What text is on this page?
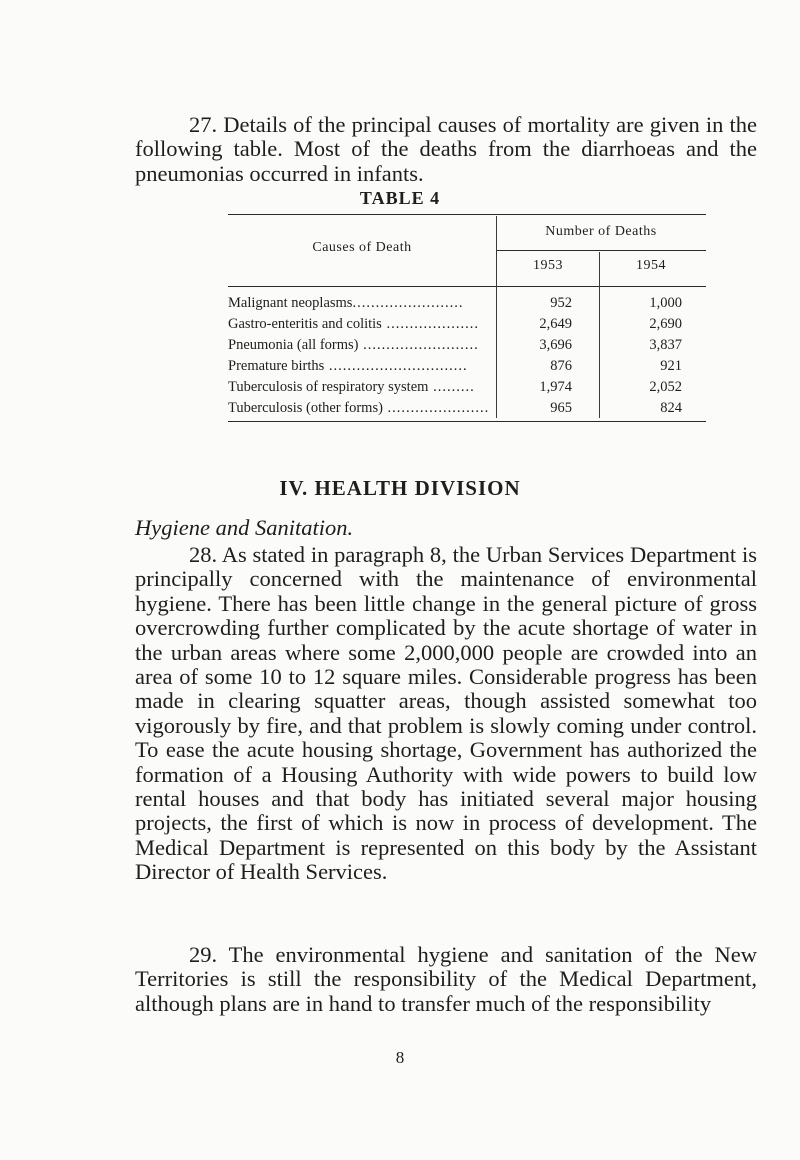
27. Details of the principal causes of mortality are given in the following table. Most of the deaths from the diarrhoeas and the pneumonias occurred in infants.

TABLE 4
Causes of Death
Number of Deaths
1953	1954
Malignant neoplasms........................	952	1,000
Gastro-enteritis and colitis ....................	2,649	2,690
Pneumonia (all forms) .........................	3,696	3,837
Premature births ..............................	876	921
Tuberculosis of respiratory system .........	1,974	2,052
Tuberculosis (other forms) ......................	965	824
IV. HEALTH DIVISION
Hygiene and Sanitation.

28. As stated in paragraph 8, the Urban Services Department is principally concerned with the maintenance of environmental hygiene. There has been little change in the general picture of gross overcrowding further complicated by the acute shortage of water in the urban areas where some 2,000,000 people are crowded into an area of some 10 to 12 square miles. Considerable progress has been made in clearing squatter areas, though assisted somewhat too vigorously by fire, and that problem is slowly coming under control. To ease the acute housing shortage, Government has authorized the formation of a Housing Authority with wide powers to build low rental houses and that body has initiated several major housing projects, the first of which is now in process of development. The Medical Department is represented on this body by the Assistant Director of Health Services.

29. The environmental hygiene and sanitation of the New Territories is still the responsibility of the Medical Department, although plans are in hand to transfer much of the responsibility

8
